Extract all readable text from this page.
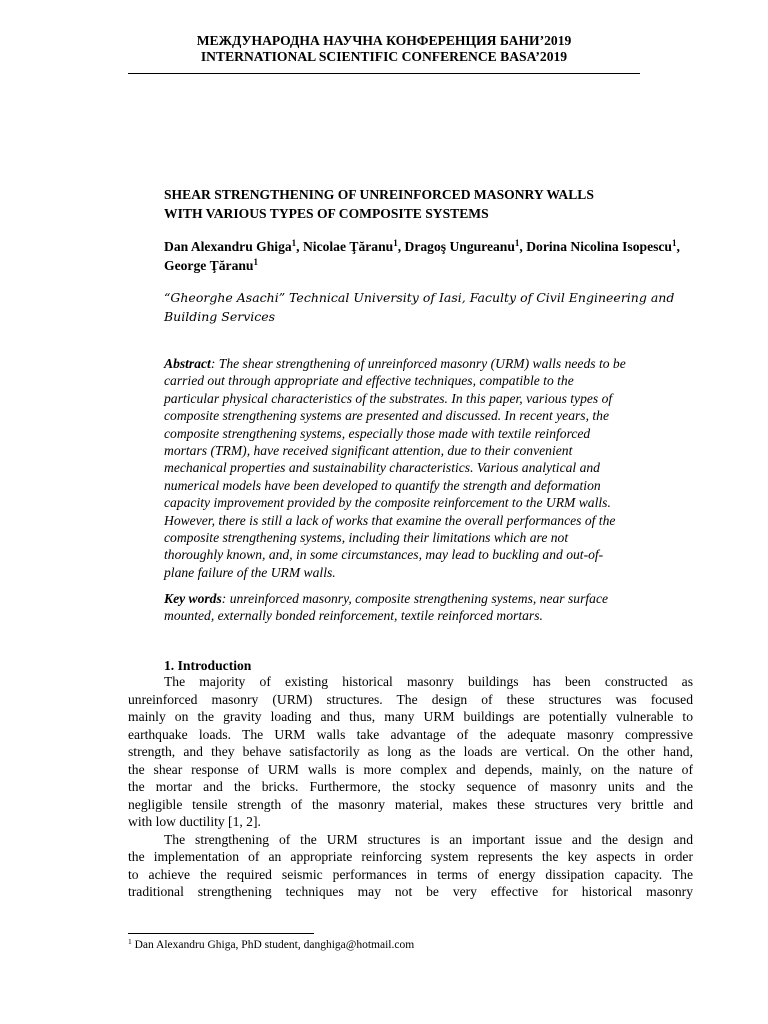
МЕЖДУНАРОДНА НАУЧНА КОНФЕРЕНЦИЯ БАНИ’2019
INTERNATIONAL SCIENTIFIC CONFERENCE BASA’2019
SHEAR STRENGTHENING OF UNREINFORCED MASONRY WALLS
WITH VARIOUS TYPES OF COMPOSITE SYSTEMS
Dan Alexandru Ghiga$^1$, Nicolae Ţăranu$^1$, Dragoş Ungureanu$^1$, Dorina Nicolina Isopescu$^1$, George Ţăranu$^1$
“Gheorghe Asachi” Technical University of Iasi, Faculty of Civil Engineering and
Building Services
Abstract: The shear strengthening of unreinforced masonry (URM) walls needs to be
carried out through appropriate and effective techniques, compatible to the
particular physical characteristics of the substrates. In this paper, various types of
composite strengthening systems are presented and discussed. In recent years, the
composite strengthening systems, especially those made with textile reinforced
mortars (TRM), have received significant attention, due to their convenient
mechanical properties and sustainability characteristics. Various analytical and
numerical models have been developed to quantify the strength and deformation
capacity improvement provided by the composite reinforcement to the URM walls.
However, there is still a lack of works that examine the overall performances of the
composite strengthening systems, including their limitations which are not
thoroughly known, and, in some circumstances, may lead to buckling and out-of-
plane failure of the URM walls.
Key words: unreinforced masonry, composite strengthening systems, near surface
mounted, externally bonded reinforcement, textile reinforced mortars.
1. Introduction
The majority of existing historical masonry buildings has been constructed as
unreinforced masonry (URM) structures. The design of these structures was focused
mainly on the gravity loading and thus, many URM buildings are potentially vulnerable to
earthquake loads. The URM walls take advantage of the adequate masonry compressive
strength, and they behave satisfactorily as long as the loads are vertical. On the other hand,
the shear response of URM walls is more complex and depends, mainly, on the nature of
the mortar and the bricks. Furthermore, the stocky sequence of masonry units and the
negligible tensile strength of the masonry material, makes these structures very brittle and
with low ductility [1, 2].
The strengthening of the URM structures is an important issue and the design and
the implementation of an appropriate reinforcing system represents the key aspects in order
to achieve the required seismic performances in terms of energy dissipation capacity. The
traditional strengthening techniques may not be very effective for historical masonry
$^1$ Dan Alexandru Ghiga, PhD student, danghiga@hotmail.com
